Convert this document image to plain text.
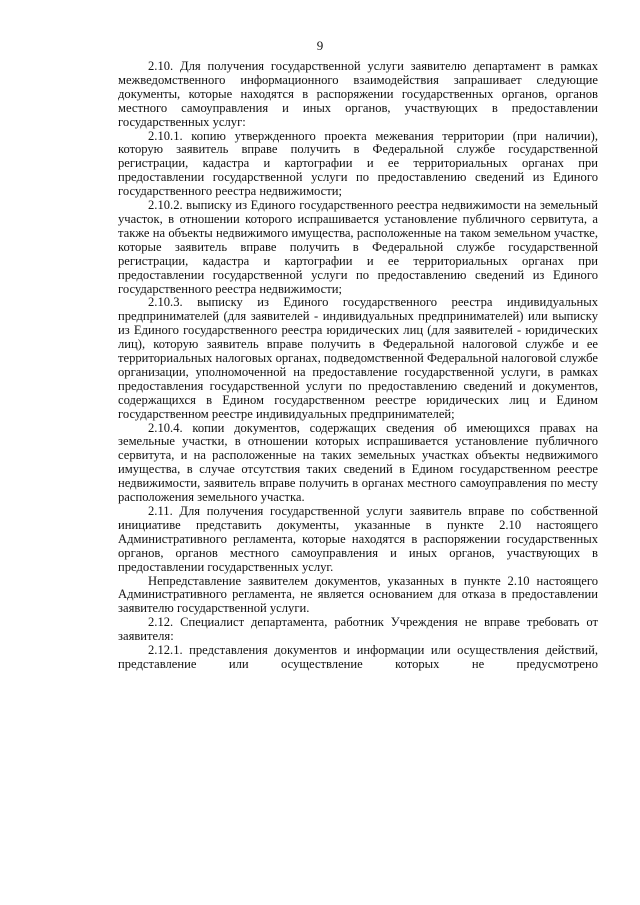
9

2.10. Для получения государственной услуги заявителю департамент в рамках межведомственного информационного взаимодействия запрашивает следующие документы, которые находятся в распоряжении государственных органов, органов местного самоуправления и иных органов, участвующих в предоставлении государственных услуг:

2.10.1. копию утвержденного проекта межевания территории (при наличии), которую заявитель вправе получить в Федеральной службе государственной регистрации, кадастра и картографии и ее территориальных органах при предоставлении государственной услуги по предоставлению сведений из Единого государственного реестра недвижимости;

2.10.2. выписку из Единого государственного реестра недвижимости на земельный участок, в отношении которого испрашивается установление публичного сервитута, а также на объекты недвижимого имущества, расположенные на таком земельном участке, которые заявитель вправе получить в Федеральной службе государственной регистрации, кадастра и картографии и ее территориальных органах при предоставлении государственной услуги по предоставлению сведений из Единого государственного реестра недвижимости;

2.10.3. выписку из Единого государственного реестра индивидуальных предпринимателей (для заявителей - индивидуальных предпринимателей) или выписку из Единого государственного реестра юридических лиц (для заявителей - юридических лиц), которую заявитель вправе получить в Федеральной налоговой службе и ее территориальных налоговых органах, подведомственной Федеральной налоговой службе организации, уполномоченной на предоставление государственной услуги, в рамках предоставления государственной услуги по предоставлению сведений и документов, содержащихся в Едином государственном реестре юридических лиц и Едином государственном реестре индивидуальных предпринимателей;

2.10.4. копии документов, содержащих сведения об имеющихся правах на земельные участки, в отношении которых испрашивается установление публичного сервитута, и на расположенные на таких земельных участках объекты недвижимого имущества, в случае отсутствия таких сведений в Едином государственном реестре недвижимости, заявитель вправе получить в органах местного самоуправления по месту расположения земельного участка.

2.11. Для получения государственной услуги заявитель вправе по собственной инициативе представить документы, указанные в пункте 2.10 настоящего Административного регламента, которые находятся в распоряжении государственных органов, органов местного самоуправления и иных органов, участвующих в предоставлении государственных услуг.

Непредставление заявителем документов, указанных в пункте 2.10 настоящего Административного регламента, не является основанием для отказа в предоставлении заявителю государственной услуги.

2.12. Специалист департамента, работник Учреждения не вправе требовать от заявителя:

2.12.1. представления документов и информации или осуществления действий, представление или осуществление которых не предусмотрено
